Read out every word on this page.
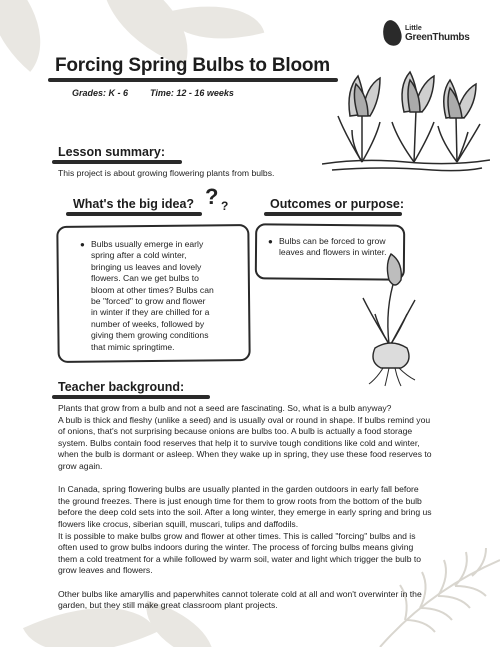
Little
GreenThumbs
Forcing Spring Bulbs to Bloom
Grades: K - 6 Time: 12 - 16 weeks
Lesson summary:
This project is about growing flowering plants from bulbs.
What's the big idea? ? ?
● Bulbs usually emerge in early
spring after a cold winter,
bringing us leaves and lovely
flowers. Can we get bulbs to
bloom at other times? Bulbs can
be "forced" to grow and flower
in winter if they are chilled for a
number of weeks, followed by
giving them growing conditions
that mimic springtime.
Outcomes or purpose:
● Bulbs can be forced to grow
leaves and flowers in winter.
Teacher background:
Plants that grow from a bulb and not a seed are fascinating. So, what is a bulb anyway?
A bulb is thick and fleshy (unlike a seed) and is usually oval or round in shape. If bulbs remind you
of onions, that's not surprising because onions are bulbs too. A bulb is actually a food storage
system. Bulbs contain food reserves that help it to survive tough conditions like cold and winter,
when the bulb is dormant or asleep. When they wake up in spring, they use these food reserves to
grow again.
In Canada, spring flowering bulbs are usually planted in the garden outdoors in early fall before
the ground freezes. There is just enough time for them to grow roots from the bottom of the bulb
before the deep cold sets into the soil. After a long winter, they emerge in early spring and bring us
flowers like crocus, siberian squill, muscari, tulips and daffodils.
It is possible to make bulbs grow and flower at other times. This is called "forcing" bulbs and is
often used to grow bulbs indoors during the winter. The process of forcing bulbs means giving
them a cold treatment for a while followed by warm soil, water and light which trigger the bulb to
grow leaves and flowers.
Other bulbs like amaryllis and paperwhites cannot tolerate cold at all and won't overwinter in the
garden, but they still make great classroom plant projects.
